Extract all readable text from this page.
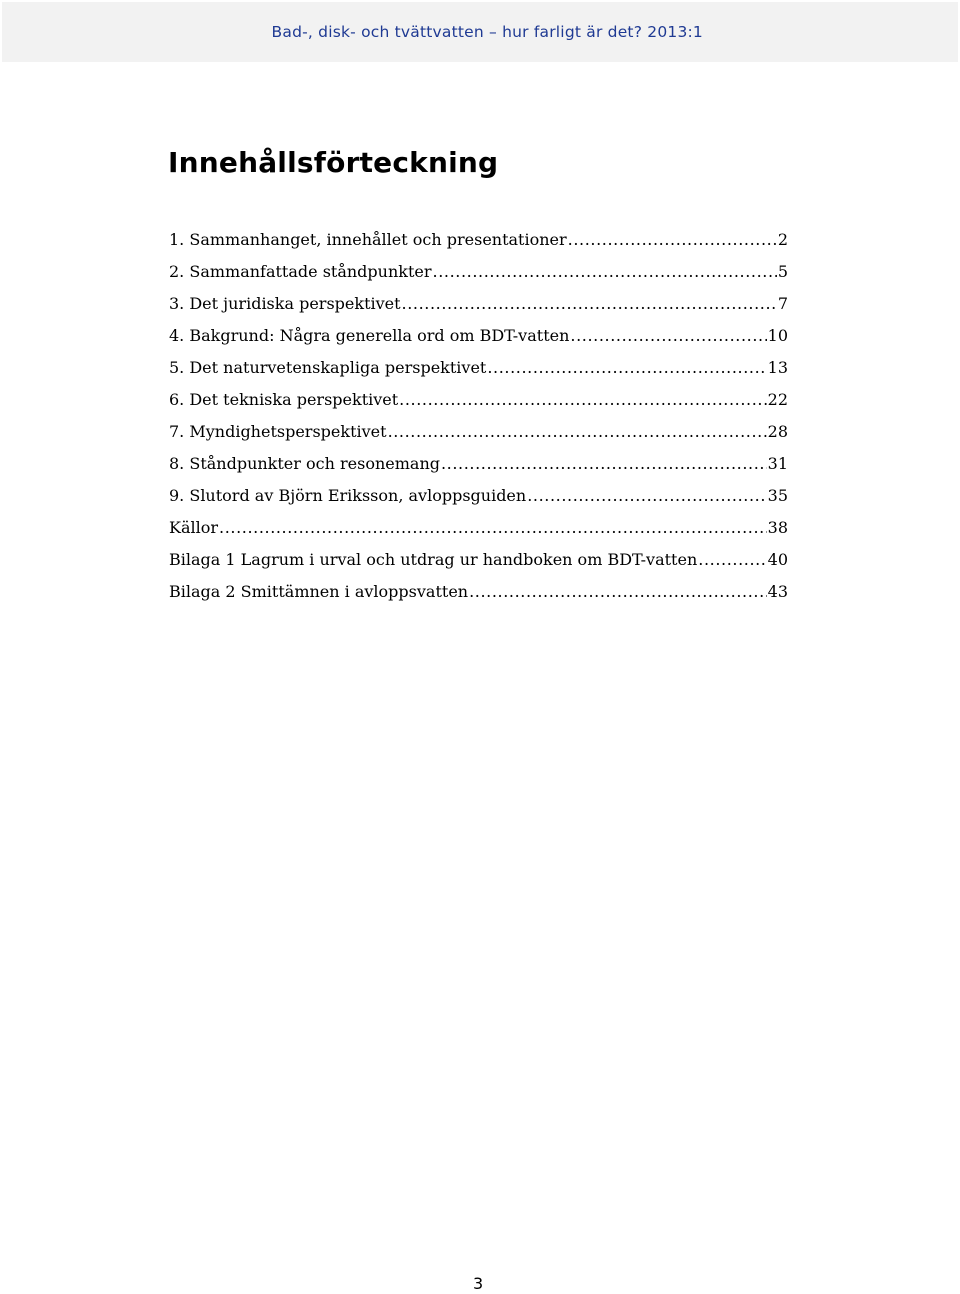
Bad-, disk- och tvättvatten – hur farligt är det? 2013:1
Innehållsförteckning
1. Sammanhanget, innehållet och presentationer .....	2
2. Sammanfattade ståndpunkter .....	5
3. Det juridiska perspektivet .....	7
4. Bakgrund: Några generella ord om BDT-vatten .....	10
5. Det naturvetenskapliga perspektivet .....	13
6. Det tekniska perspektivet .....	22
7. Myndighetsperspektivet .....	28
8. Ståndpunkter och resonemang .....	31
9. Slutord av Björn Eriksson, avloppsguiden .....	35
Källor .....	38
Bilaga 1 Lagrum i urval och utdrag ur handboken om BDT-vatten .....	40
Bilaga 2 Smittämnen i avloppsvatten .....	43
3
